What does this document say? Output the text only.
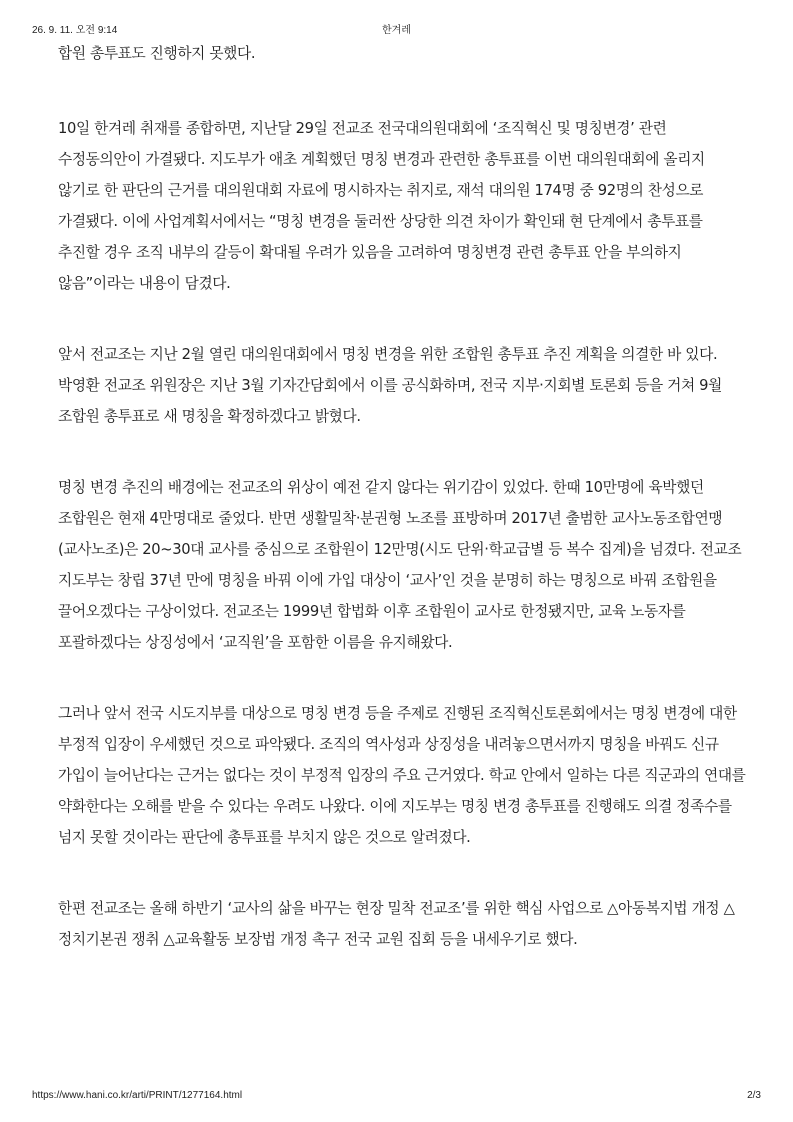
26. 9. 11. 오전 9:14	한겨레

합원 총투표도 진행하지 못했다.

10일 한겨레 취재를 종합하면, 지난달 29일 전교조 전국대의원대회에 ‘조직혁신 및 명칭변경’ 관련 수정동의안이 가결됐다. 지도부가 애초 계획했던 명칭 변경과 관련한 총투표를 이번 대의원대회에 올리지 않기로 한 판단의 근거를 대의원대회 자료에 명시하자는 취지로, 재석 대의원 174명 중 92명의 찬성으로 가결됐다. 이에 사업계획서에서는 “명칭 변경을 둘러싼 상당한 의견 차이가 확인돼 현 단계에서 총투표를 추진할 경우 조직 내부의 갈등이 확대될 우려가 있음을 고려하여 명칭변경 관련 총투표 안을 부의하지 않음”이라는 내용이 담겼다.

앞서 전교조는 지난 2월 열린 대의원대회에서 명칭 변경을 위한 조합원 총투표 추진 계획을 의결한 바 있다. 박영환 전교조 위원장은 지난 3월 기자간담회에서 이를 공식화하며, 전국 지부·지회별 토론회 등을 거쳐 9월 조합원 총투표로 새 명칭을 확정하겠다고 밝혔다.

명칭 변경 추진의 배경에는 전교조의 위상이 예전 같지 않다는 위기감이 있었다. 한때 10만명에 육박했던 조합원은 현재 4만명대로 줄었다. 반면 생활밀착·분권형 노조를 표방하며 2017년 출범한 교사노동조합연맹(교사노조)은 20~30대 교사를 중심으로 조합원이 12만명(시도 단위·학교급별 등 복수 집계)을 넘겼다. 전교조 지도부는 창립 37년 만에 명칭을 바꿔 이에 가입 대상이 ‘교사’인 것을 분명히 하는 명칭으로 바꿔 조합원을 끌어오겠다는 구상이었다. 전교조는 1999년 합법화 이후 조합원이 교사로 한정됐지만, 교육 노동자를 포괄하겠다는 상징성에서 ‘교직원’을 포함한 이름을 유지해왔다.

그러나 앞서 전국 시도지부를 대상으로 명칭 변경 등을 주제로 진행된 조직혁신토론회에서는 명칭 변경에 대한 부정적 입장이 우세했던 것으로 파악됐다. 조직의 역사성과 상징성을 내려놓으면서까지 명칭을 바꿔도 신규 가입이 늘어난다는 근거는 없다는 것이 부정적 입장의 주요 근거였다. 학교 안에서 일하는 다른 직군과의 연대를 약화한다는 오해를 받을 수 있다는 우려도 나왔다. 이에 지도부는 명칭 변경 총투표를 진행해도 의결 정족수를 넘지 못할 것이라는 판단에 총투표를 부치지 않은 것으로 알려졌다.

한편 전교조는 올해 하반기 ‘교사의 삶을 바꾸는 현장 밀착 전교조’를 위한 핵심 사업으로 △아동복지법 개정 △정치기본권 쟁취 △교육활동 보장법 개정 촉구 전국 교원 집회 등을 내세우기로 했다.

https://www.hani.co.kr/arti/PRINT/1277164.html	2/3
